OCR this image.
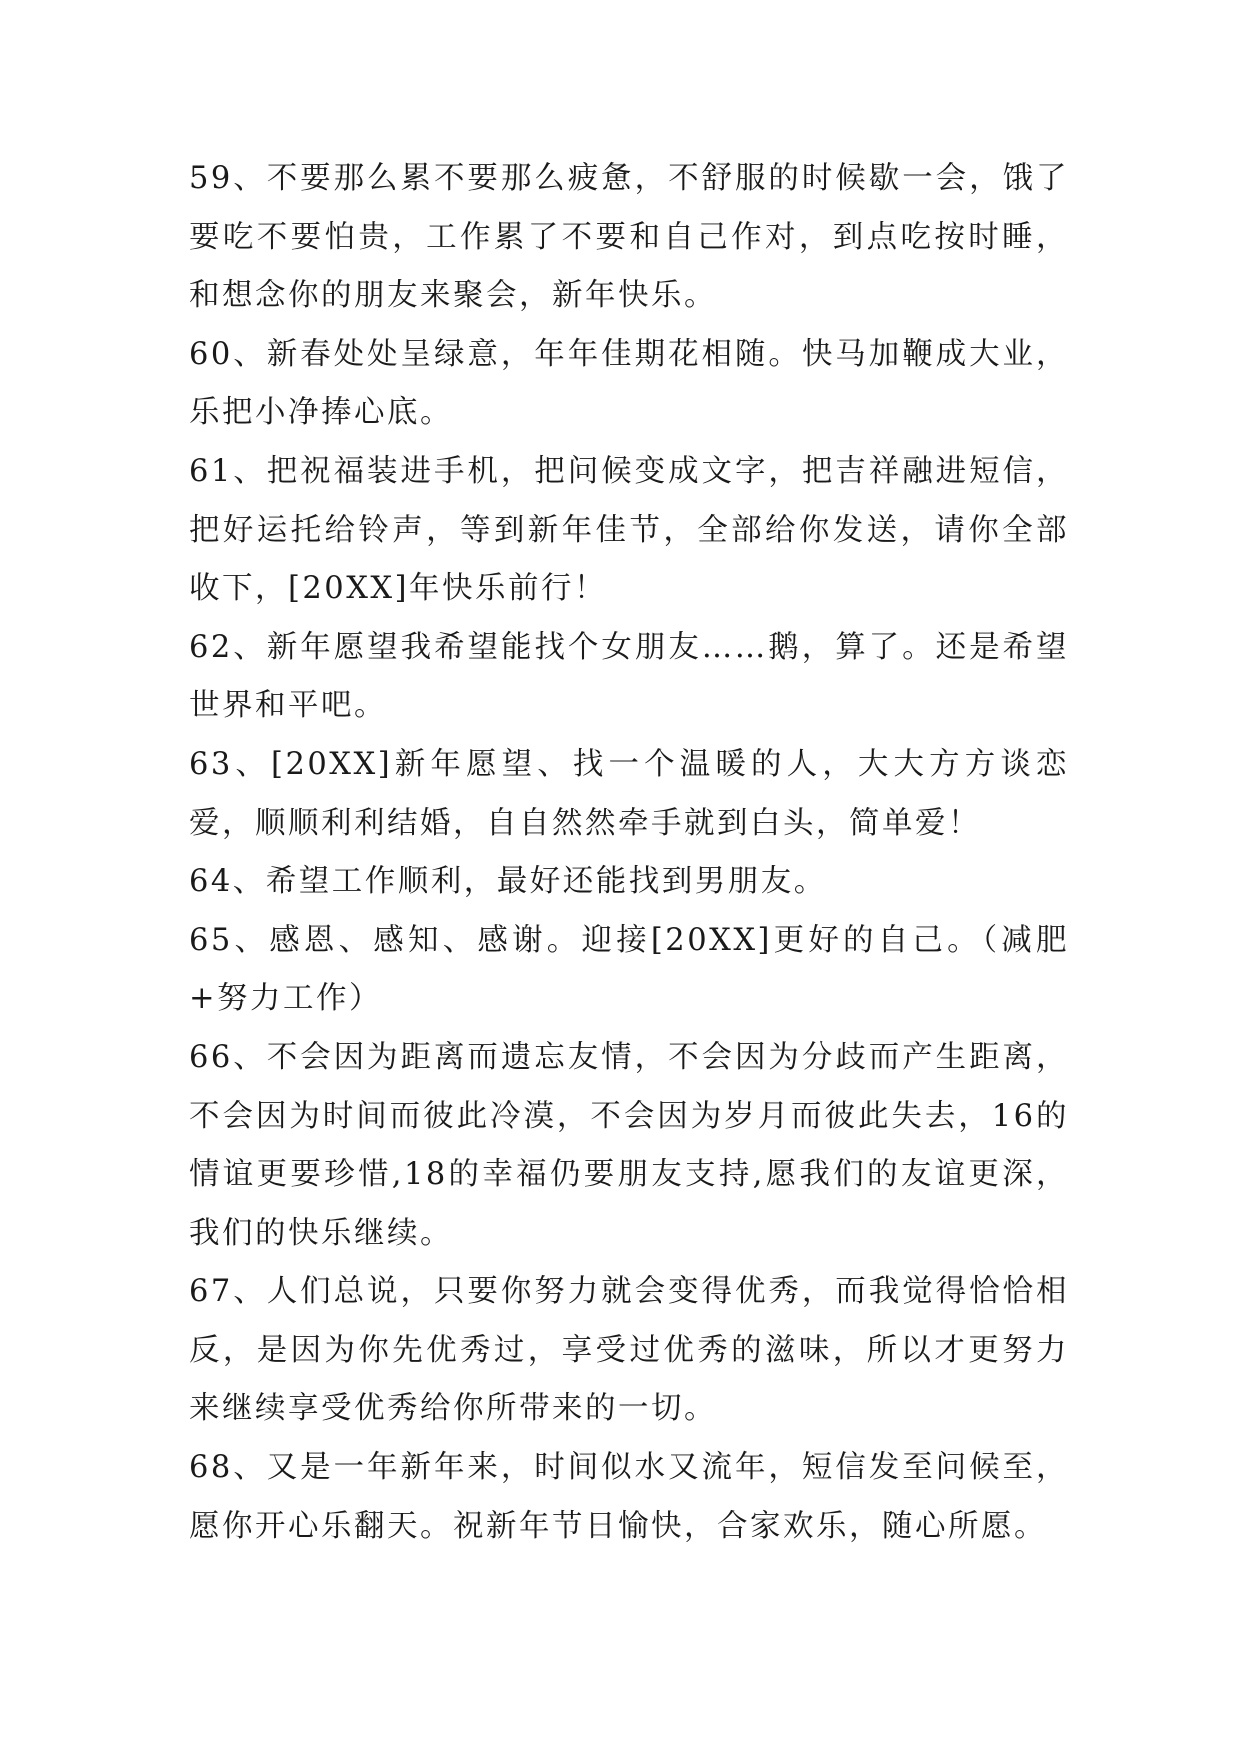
59、不要那么累不要那么疲惫，不舒服的时候歇一会，饿了要吃不要怕贵，工作累了不要和自己作对，到点吃按时睡，和想念你的朋友来聚会，新年快乐。

60、新春处处呈绿意，年年佳期花相随。快马加鞭成大业，乐把小净捧心底。

61、把祝福装进手机，把问候变成文字，把吉祥融进短信，把好运托给铃声，等到新年佳节，全部给你发送，请你全部收下，[20XX]年快乐前行！

62、新年愿望我希望能找个女朋友……鹅，算了。还是希望世界和平吧。

63、[20XX]新年愿望、找一个温暖的人，大大方方谈恋爱，顺顺利利结婚，自自然然牵手就到白头，简单爱！

64、希望工作顺利，最好还能找到男朋友。

65、感恩、感知、感谢。迎接[20XX]更好的自己。（减肥+努力工作）

66、不会因为距离而遗忘友情，不会因为分歧而产生距离，不会因为时间而彼此冷漠，不会因为岁月而彼此失去，16的情谊更要珍惜,18的幸福仍要朋友支持,愿我们的友谊更深，我们的快乐继续。

67、人们总说，只要你努力就会变得优秀，而我觉得恰恰相反，是因为你先优秀过，享受过优秀的滋味，所以才更努力来继续享受优秀给你所带来的一切。

68、又是一年新年来，时间似水又流年，短信发至问候至，愿你开心乐翻天。祝新年节日愉快，合家欢乐，随心所愿。
